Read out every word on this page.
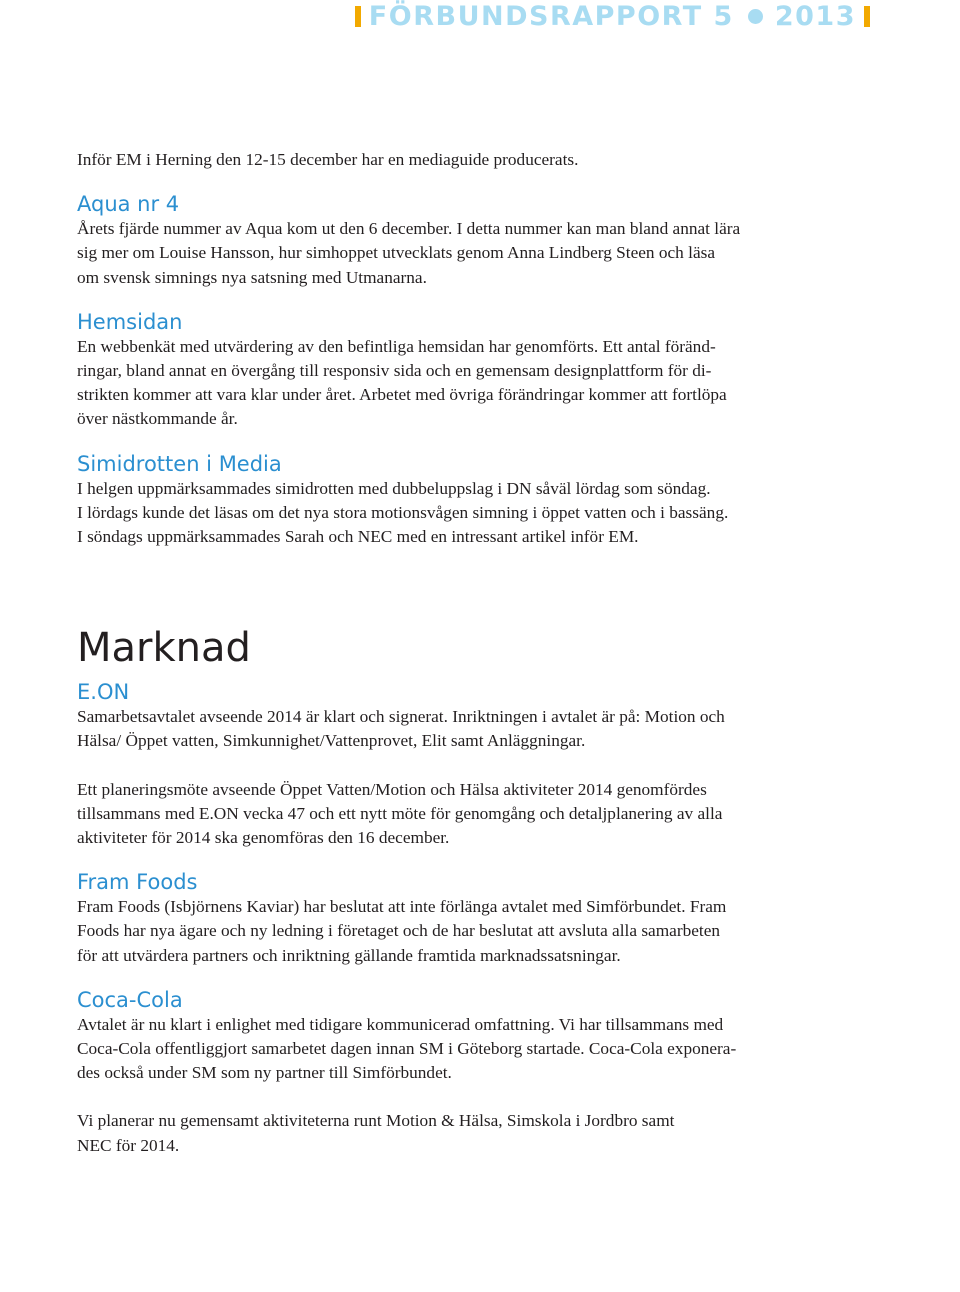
FÖRBUNDSRAPPORT 5 2013

Inför EM i Herning den 12-15 december har en mediaguide producerats.

Aqua nr 4

Årets fjärde nummer av Aqua kom ut den 6 december. I detta nummer kan man bland annat lära
sig mer om Louise Hansson, hur simhoppet utvecklats genom Anna Lindberg Steen och läsa
om svensk simnings nya satsning med Utmanarna.

Hemsidan

En webbenkät med utvärdering av den befintliga hemsidan har genomförts. Ett antal föränd-
ringar, bland annat en övergång till responsiv sida och en gemensam designplattform för di-
strikten kommer att vara klar under året. Arbetet med övriga förändringar kommer att fortlöpa
över nästkommande år.

Simidrotten i Media

I helgen uppmärksammades simidrotten med dubbeluppslag i DN såväl lördag som söndag.
I lördags kunde det läsas om det nya stora motionsvågen simning i öppet vatten och i bassäng.
I söndags uppmärksammades Sarah och NEC med en intressant artikel inför EM.

Marknad
E.ON

Samarbetsavtalet avseende 2014 är klart och signerat. Inriktningen i avtalet är på: Motion och
Hälsa/ Öppet vatten, Simkunnighet/Vattenprovet, Elit samt Anläggningar.

Ett planeringsmöte avseende Öppet Vatten/Motion och Hälsa aktiviteter 2014 genomfördes
tillsammans med E.ON vecka 47 och ett nytt möte för genomgång och detaljplanering av alla
aktiviteter för 2014 ska genomföras den 16 december.

Fram Foods

Fram Foods (Isbjörnens Kaviar) har beslutat att inte förlänga avtalet med Simförbundet. Fram
Foods har nya ägare och ny ledning i företaget och de har beslutat att avsluta alla samarbeten
för att utvärdera partners och inriktning gällande framtida marknadssatsningar.

Coca-Cola

Avtalet är nu klart i enlighet med tidigare kommunicerad omfattning. Vi har tillsammans med
Coca-Cola offentliggjort samarbetet dagen innan SM i Göteborg startade. Coca-Cola exponera-
des också under SM som ny partner till Simförbundet.

Vi planerar nu gemensamt aktiviteterna runt Motion & Hälsa, Simskola i Jordbro samt
NEC för 2014.
